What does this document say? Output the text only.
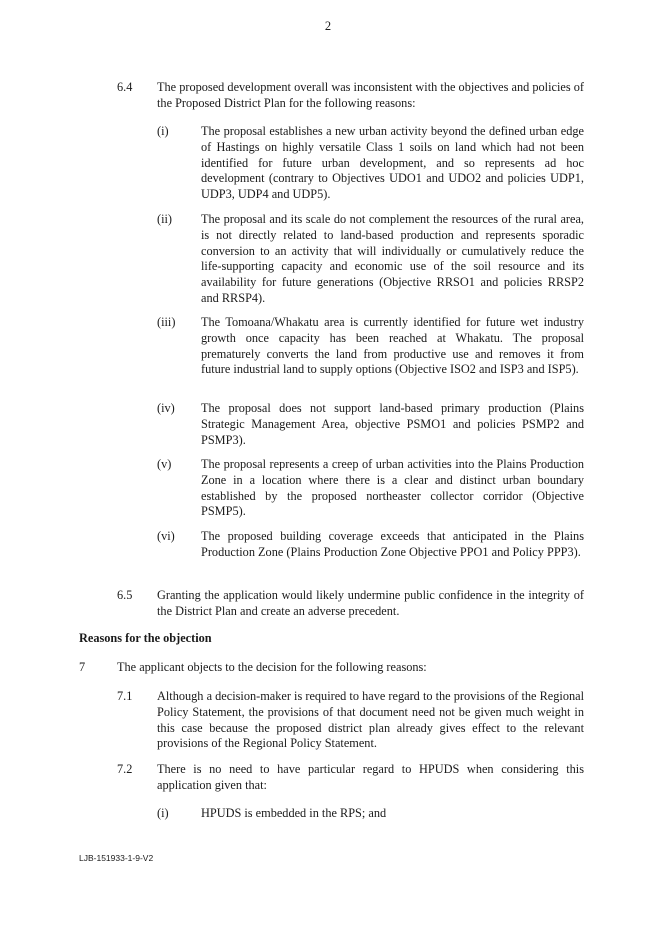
2
6.4 The proposed development overall was inconsistent with the objectives and policies of the Proposed District Plan for the following reasons:
(i)	The proposal establishes a new urban activity beyond the defined urban edge of Hastings on highly versatile Class 1 soils on land which had not been identified for future urban development, and so represents ad hoc development (contrary to Objectives UDO1 and UDO2 and policies UDP1, UDP3, UDP4 and UDP5).
(ii) The proposal and its scale do not complement the resources of the rural area, is not directly related to land-based production and represents sporadic conversion to an activity that will individually or cumulatively reduce the life-supporting capacity and economic use of the soil resource and its availability for future generations (Objective RRSO1 and policies RRSP2 and RRSP4).
(iii) The Tomoana/Whakatu area is currently identified for future wet industry growth once capacity has been reached at Whakatu. The proposal prematurely converts the land from productive use and removes it from future industrial land to supply options (Objective ISO2 and ISP3 and ISP5).
(iv) The proposal does not support land-based primary production (Plains Strategic Management Area, objective PSMO1 and policies PSMP2 and PSMP3).
(v) The proposal represents a creep of urban activities into the Plains Production Zone in a location where there is a clear and distinct urban boundary established by the proposed northeaster collector corridor (Objective PSMP5).
(vi) The proposed building coverage exceeds that anticipated in the Plains Production Zone (Plains Production Zone Objective PPO1 and Policy PPP3).
6.5 Granting the application would likely undermine public confidence in the integrity of the District Plan and create an adverse precedent.
Reasons for the objection
7	The applicant objects to the decision for the following reasons:
7.1 Although a decision-maker is required to have regard to the provisions of the Regional Policy Statement, the provisions of that document need not be given much weight in this case because the proposed district plan already gives effect to the relevant provisions of the Regional Policy Statement.
7.2 There is no need to have particular regard to HPUDS when considering this application given that:
(i)	HPUDS is embedded in the RPS; and
LJB-151933-1-9-V2
